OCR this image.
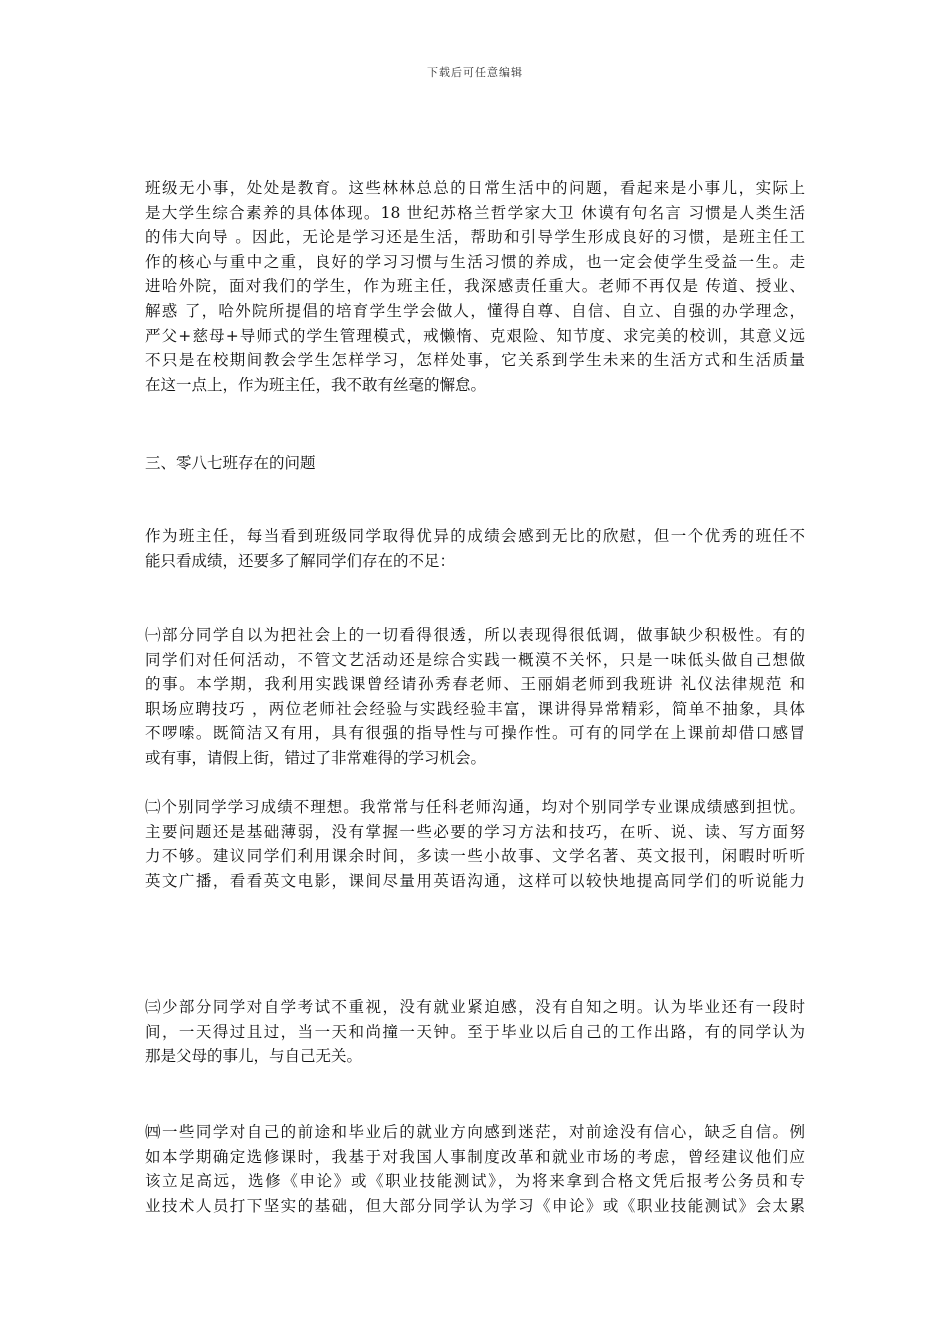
下载后可任意编辑
班级无小事，处处是教育。这些林林总总的日常生活中的问题，看起来是小事儿，实际上
是大学生综合素养的具体体现。18 世纪苏格兰哲学家大卫 休谟有句名言 习惯是人类生活
的伟大向导 。因此，无论是学习还是生活，帮助和引导学生形成良好的习惯，是班主任工
作的核心与重中之重，良好的学习习惯与生活习惯的养成，也一定会使学生受益一生。走
进哈外院，面对我们的学生，作为班主任，我深感责任重大。老师不再仅是 传道、授业、
解惑 了，哈外院所提倡的培育学生学会做人，懂得自尊、自信、自立、自强的办学理念，
严父+慈母+导师式的学生管理模式，戒懒惰、克艰险、知节度、求完美的校训，其意义远
不只是在校期间教会学生怎样学习，怎样处事，它关系到学生未来的生活方式和生活质量
在这一点上，作为班主任，我不敢有丝毫的懈怠。
三、零八七班存在的问题
作为班主任，每当看到班级同学取得优异的成绩会感到无比的欣慰，但一个优秀的班任不
能只看成绩，还要多了解同学们存在的不足：
㈠部分同学自以为把社会上的一切看得很透，所以表现得很低调，做事缺少积极性。有的
同学们对任何活动，不管文艺活动还是综合实践一概漠不关怀，只是一味低头做自己想做
的事。本学期，我利用实践课曾经请孙秀春老师、王丽娟老师到我班讲 礼仪法律规范 和
职场应聘技巧 ，两位老师社会经验与实践经验丰富，课讲得异常精彩，简单不抽象，具体
不啰嗦。既简洁又有用，具有很强的指导性与可操作性。可有的同学在上课前却借口感冒
或有事，请假上街，错过了非常难得的学习机会。
㈡个别同学学习成绩不理想。我常常与任科老师沟通，均对个别同学专业课成绩感到担忧。
主要问题还是基础薄弱，没有掌握一些必要的学习方法和技巧，在听、说、读、写方面努
力不够。建议同学们利用课余时间，多读一些小故事、文学名著、英文报刊，闲暇时听听
英文广播，看看英文电影，课间尽量用英语沟通，这样可以较快地提高同学们的听说能力
㈢少部分同学对自学考试不重视，没有就业紧迫感，没有自知之明。认为毕业还有一段时
间，一天得过且过，当一天和尚撞一天钟。至于毕业以后自己的工作出路，有的同学认为
那是父母的事儿，与自己无关。
㈣一些同学对自己的前途和毕业后的就业方向感到迷茫，对前途没有信心，缺乏自信。例
如本学期确定选修课时，我基于对我国人事制度改革和就业市场的考虑，曾经建议他们应
该立足高远，选修《申论》或《职业技能测试》，为将来拿到合格文凭后报考公务员和专
业技术人员打下坚实的基础，但大部分同学认为学习《申论》或《职业技能测试》会太累
